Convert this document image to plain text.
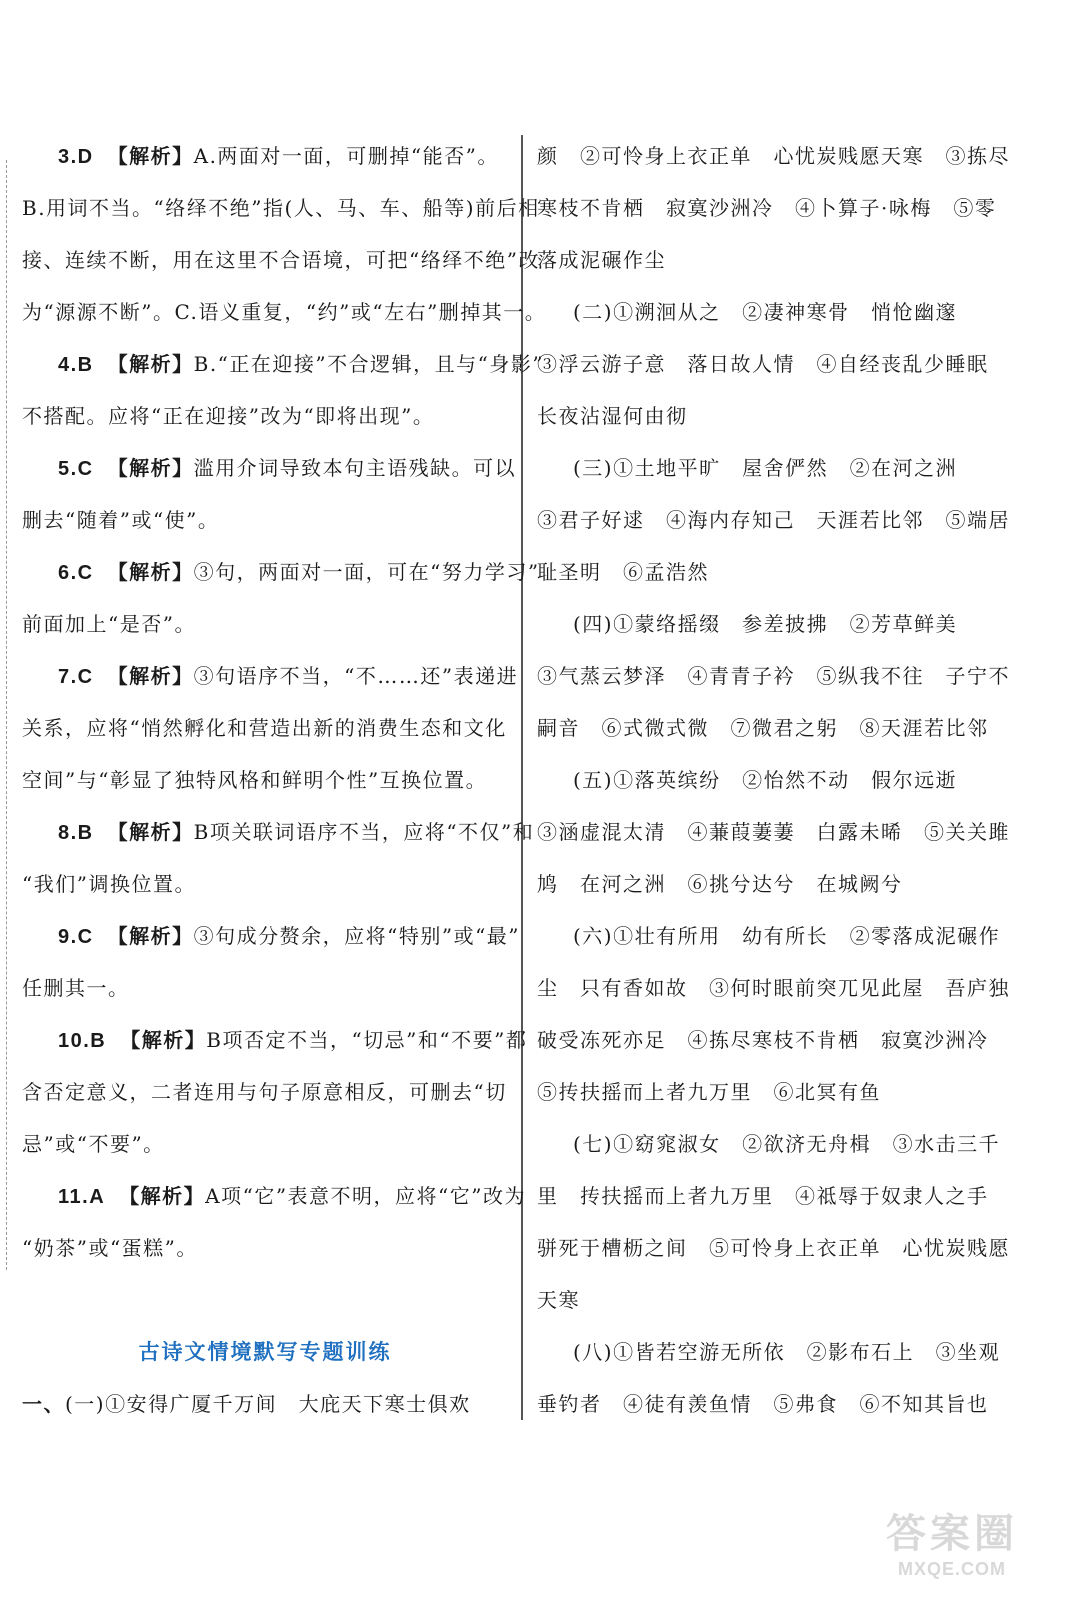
3.D 【解析】A.两面对一面，可删掉“能否”。
B.用词不当。“络绎不绝”指(人、马、车、船等)前后相
接、连续不断，用在这里不合语境，可把“络绎不绝”改
为“源源不断”。C.语义重复，“约”或“左右”删掉其一。
4.B 【解析】B.“正在迎接”不合逻辑，且与“身影”
不搭配。应将“正在迎接”改为“即将出现”。
5.C 【解析】滥用介词导致本句主语残缺。可以
删去“随着”或“使”。
6.C 【解析】③句，两面对一面，可在“努力学习”
前面加上“是否”。
7.C 【解析】③句语序不当，“不……还”表递进
关系，应将“悄然孵化和营造出新的消费生态和文化
空间”与“彰显了独特风格和鲜明个性”互换位置。
8.B 【解析】B项关联词语序不当，应将“不仅”和
“我们”调换位置。
9.C 【解析】③句成分赘余，应将“特别”或“最”
任删其一。
10.B 【解析】B项否定不当，“切忌”和“不要”都
含否定意义，二者连用与句子原意相反，可删去“切
忌”或“不要”。
11.A 【解析】A项“它”表意不明，应将“它”改为
“奶茶”或“蛋糕”。
古诗文情境默写专题训练
一、(一)①安得广厦千万间　大庇天下寒士俱欢
颜　②可怜身上衣正单　心忧炭贱愿天寒　③拣尽
寒枝不肯栖　寂寞沙洲冷　④卜算子·咏梅　⑤零
落成泥碾作尘
(二)①溯洄从之　②凄神寒骨　悄怆幽邃
③浮云游子意　落日故人情　④自经丧乱少睡眠
长夜沾湿何由彻
(三)①土地平旷　屋舍俨然　②在河之洲
③君子好逑　④海内存知己　天涯若比邻　⑤端居
耻圣明　⑥孟浩然
(四)①蒙络摇缀　参差披拂　②芳草鲜美
③气蒸云梦泽　④青青子衿　⑤纵我不往　子宁不
嗣音　⑥式微式微　⑦微君之躬　⑧天涯若比邻
(五)①落英缤纷　②怡然不动　假尔远逝
③涵虚混太清　④蒹葭萋萋　白露未晞　⑤关关雎
鸠　在河之洲　⑥挑兮达兮　在城阙兮
(六)①壮有所用　幼有所长　②零落成泥碾作
尘　只有香如故　③何时眼前突兀见此屋　吾庐独
破受冻死亦足　④拣尽寒枝不肯栖　寂寞沙洲冷
⑤抟扶摇而上者九万里　⑥北冥有鱼
(七)①窈窕淑女　②欲济无舟楫　③水击三千
里　抟扶摇而上者九万里　④祗辱于奴隶人之手
骈死于槽枥之间　⑤可怜身上衣正单　心忧炭贱愿
天寒
(八)①皆若空游无所依　②影布石上　③坐观
垂钓者　④徒有羡鱼情　⑤弗食　⑥不知其旨也
答案圈
MXQE.COM
